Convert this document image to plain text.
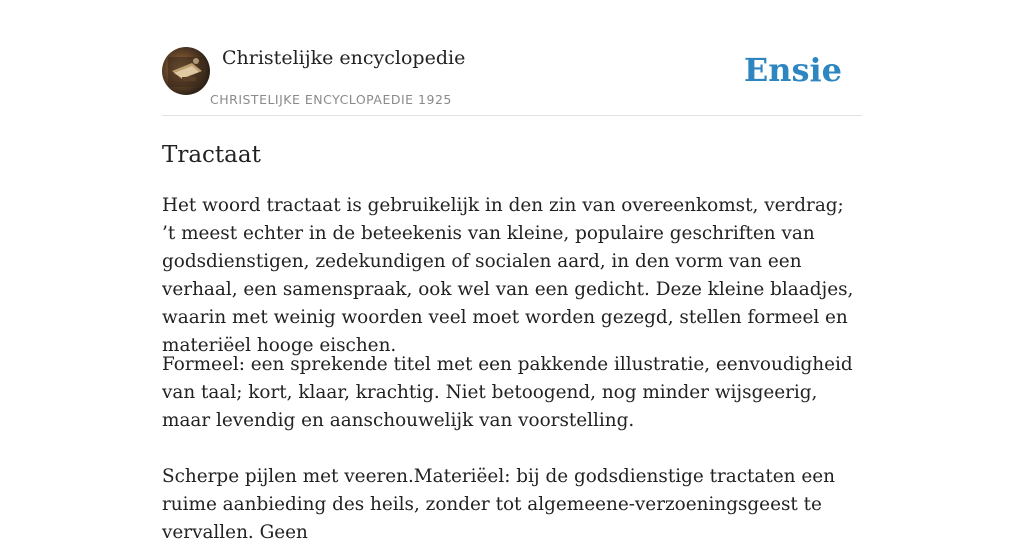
Christelijke encyclopedie
CHRISTELIJKE ENCYCLOPAEDIE 1925
Ensie
Tractaat

Het woord tractaat is gebruikelijk in den zin van overeenkomst, verdrag; ’t meest echter in de beteekenis van kleine, populaire geschriften van godsdienstigen, zedekundigen of socialen aard, in den vorm van een verhaal, een samenspraak, ook wel van een gedicht. Deze kleine blaadjes, waarin met weinig woorden veel moet worden gezegd, stellen formeel en materiëel hooge eischen.

Formeel: een sprekende titel met een pakkende illustratie, eenvoudigheid van taal; kort, klaar, krachtig. Niet betoogend, nog minder wijsgeerig, maar levendig en aanschouwelijk van voorstelling.

Scherpe pijlen met veeren.Materiëel: bij de godsdienstige tractaten een ruime aanbieding des heils, zonder tot algemeene-verzoeningsgeest te vervallen. Geen
